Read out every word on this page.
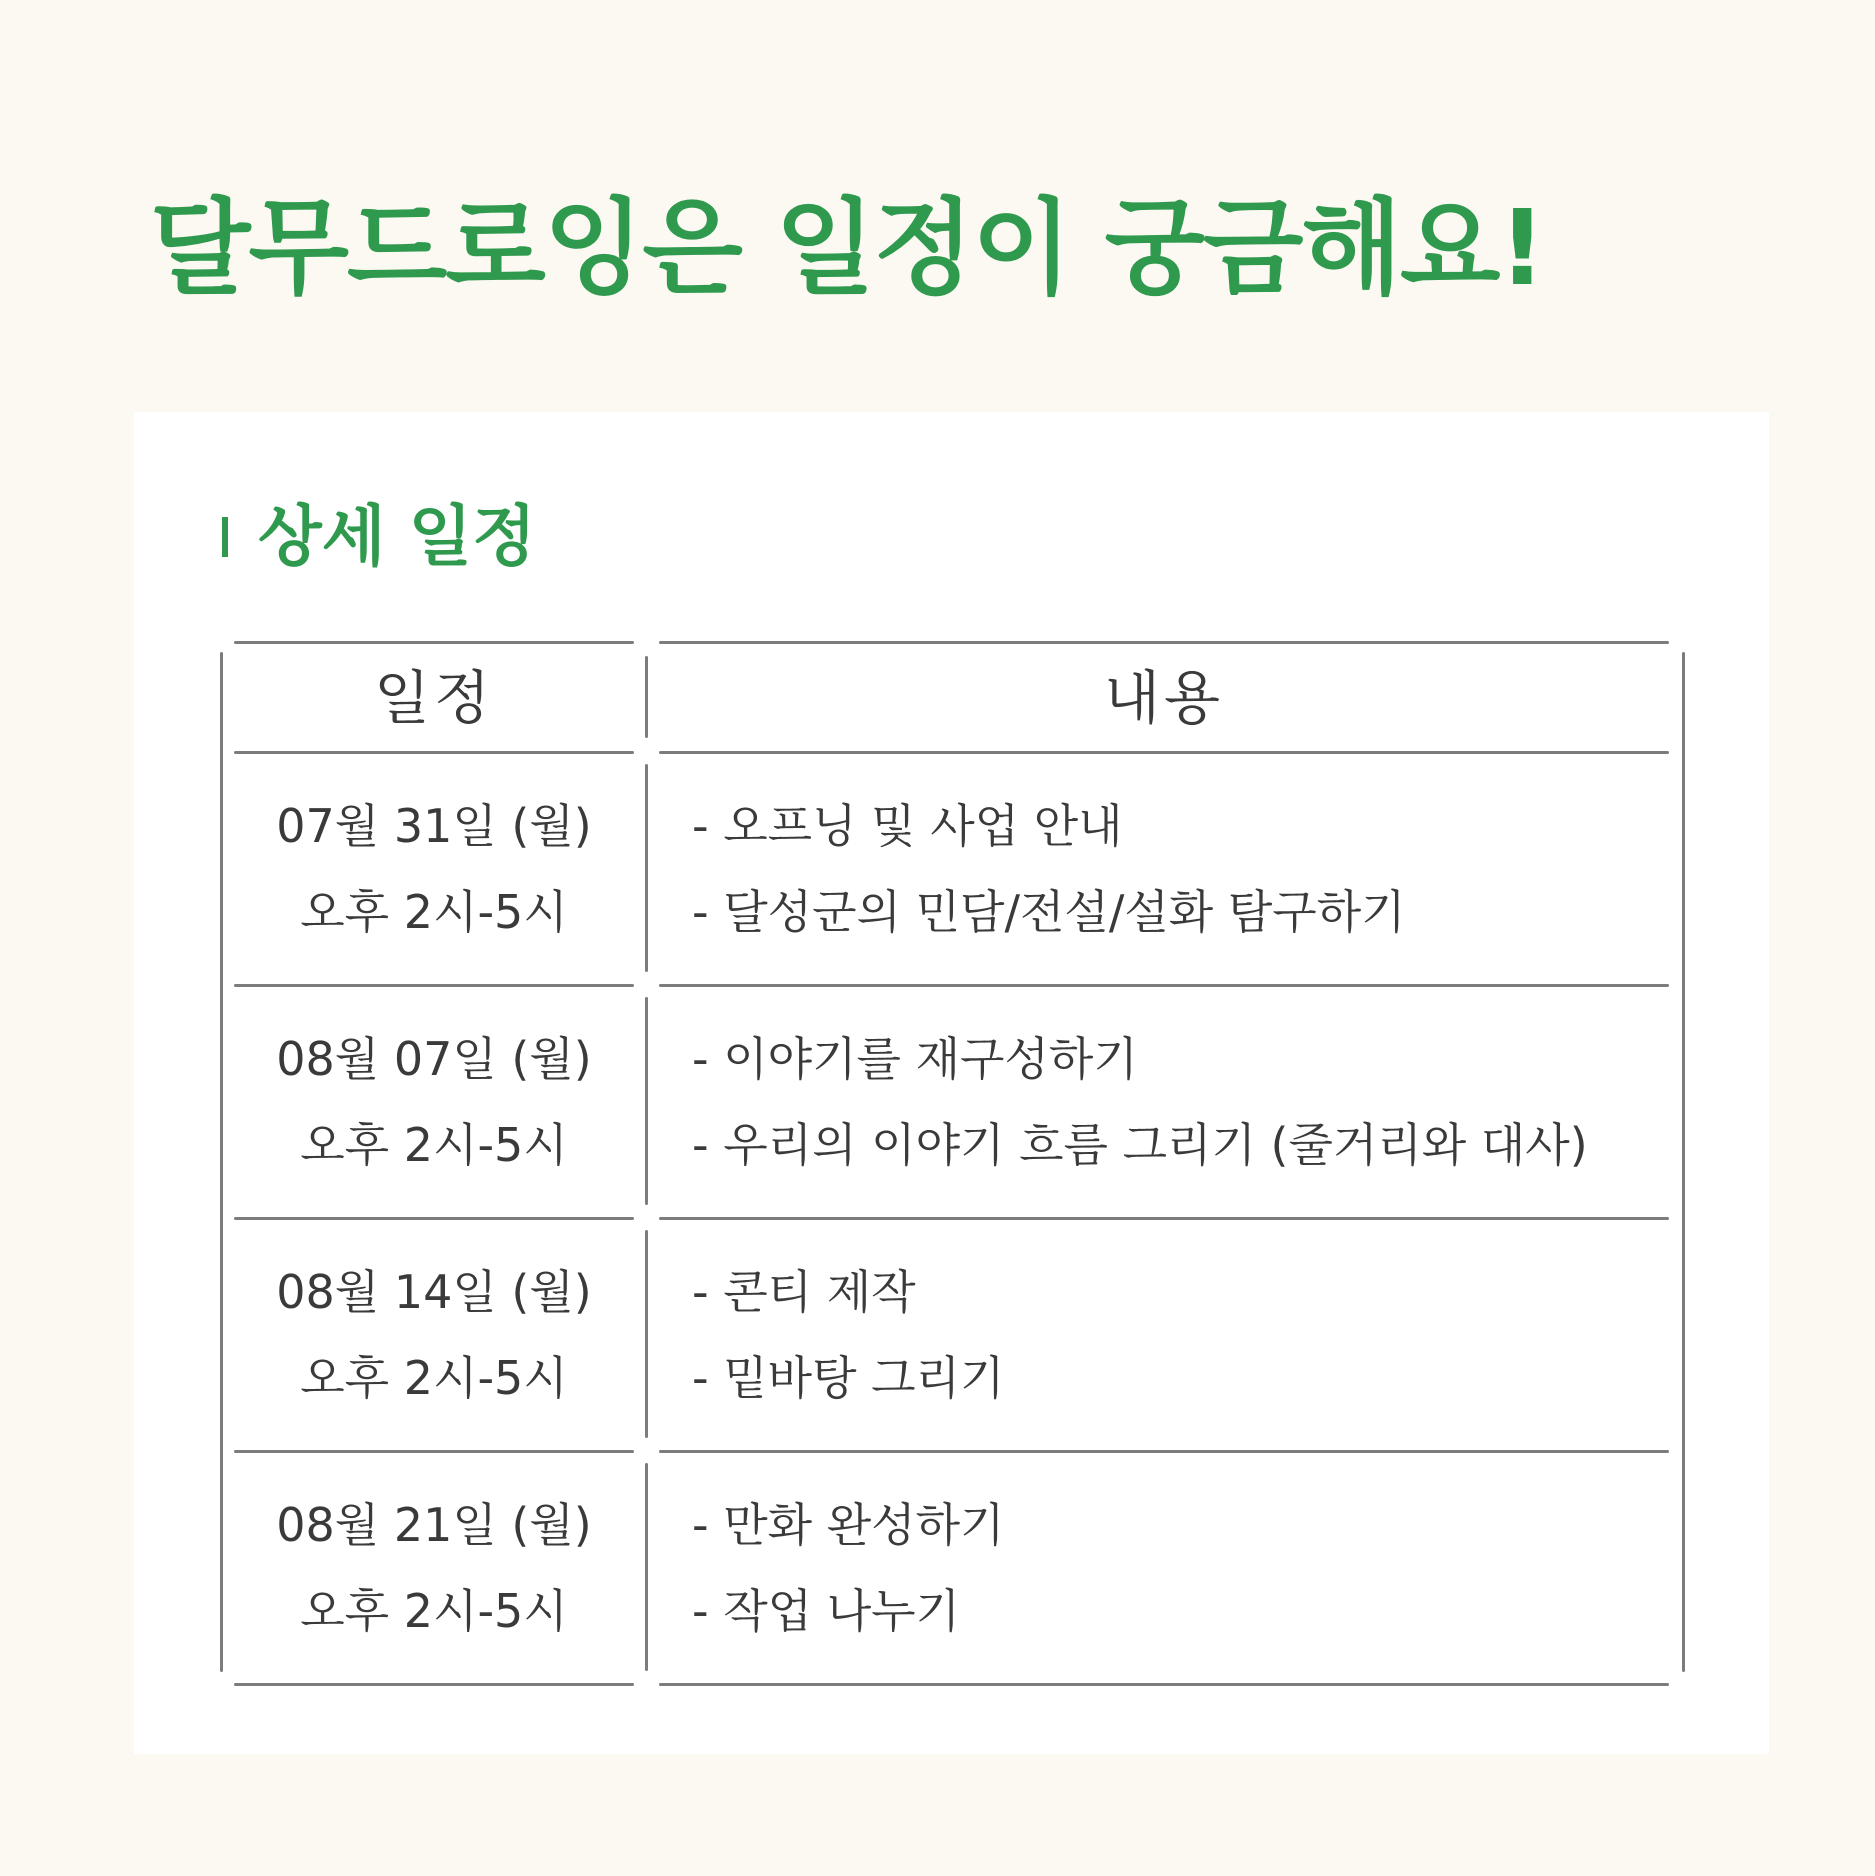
달무드로잉은 일정이 궁금해요!
상세 일정
일정	내용
07월 31일 (월)
오후 2시-5시
- 오프닝 및 사업 안내
- 달성군의 민담/전설/설화 탐구하기
08월 07일 (월)
오후 2시-5시
- 이야기를 재구성하기
- 우리의 이야기 흐름 그리기 (줄거리와 대사)
08월 14일 (월)
오후 2시-5시
- 콘티 제작
- 밑바탕 그리기
08월 21일 (월)
오후 2시-5시
- 만화 완성하기
- 작업 나누기
